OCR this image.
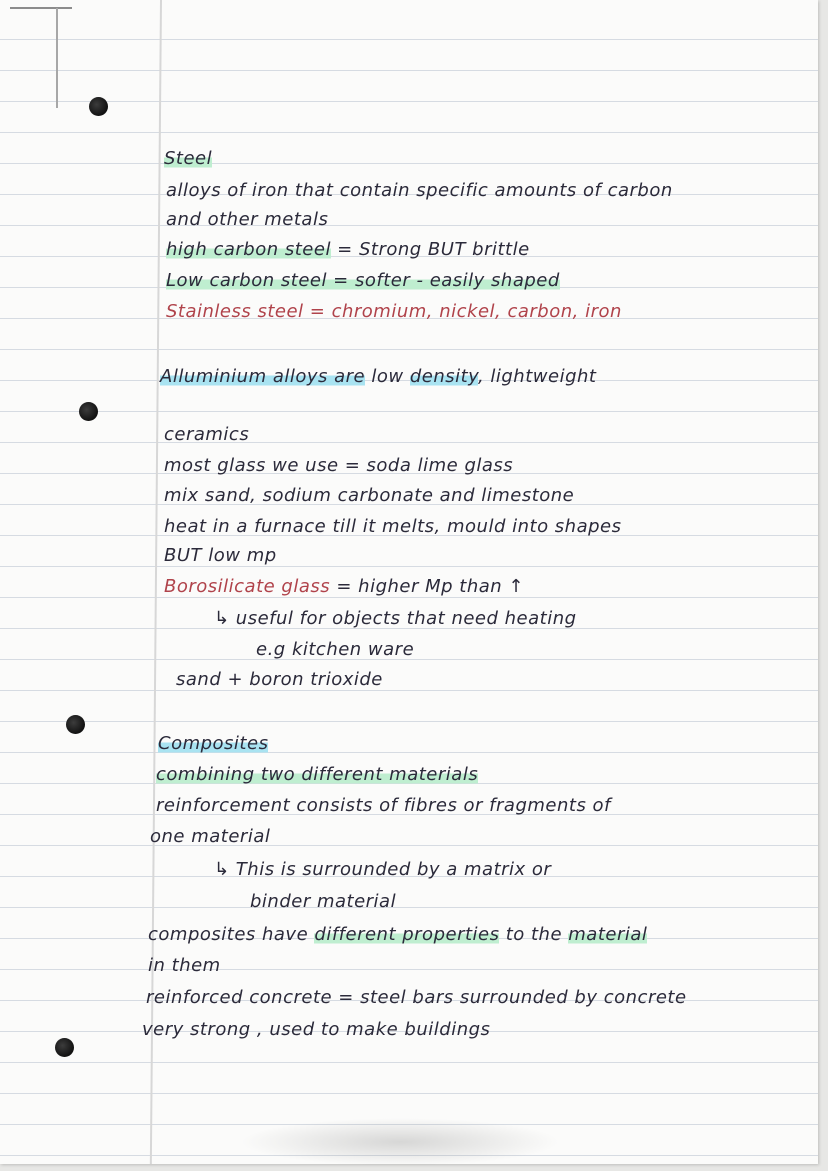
Steel
alloys of iron that contain specific amounts of carbon
and other metals
high carbon steel = Strong BUT brittle
Low carbon steel = softer - easily shaped
Stainless steel = chromium, nickel, carbon, iron
Alluminium alloys are low density, lightweight
ceramics
most glass we use = soda lime glass
mix sand, sodium carbonate and limestone
heat in a furnace till it melts, mould into shapes
BUT low mp
Borosilicate glass = higher Mp than ↑
↳ useful for objects that need heating
e.g kitchen ware
sand + boron trioxide
Composites
combining two different materials
reinforcement consists of fibres or fragments of
one material
↳ This is surrounded by a matrix or
binder material
composites have different properties to the material
in them
reinforced concrete = steel bars surrounded by concrete
very strong , used to make buildings
